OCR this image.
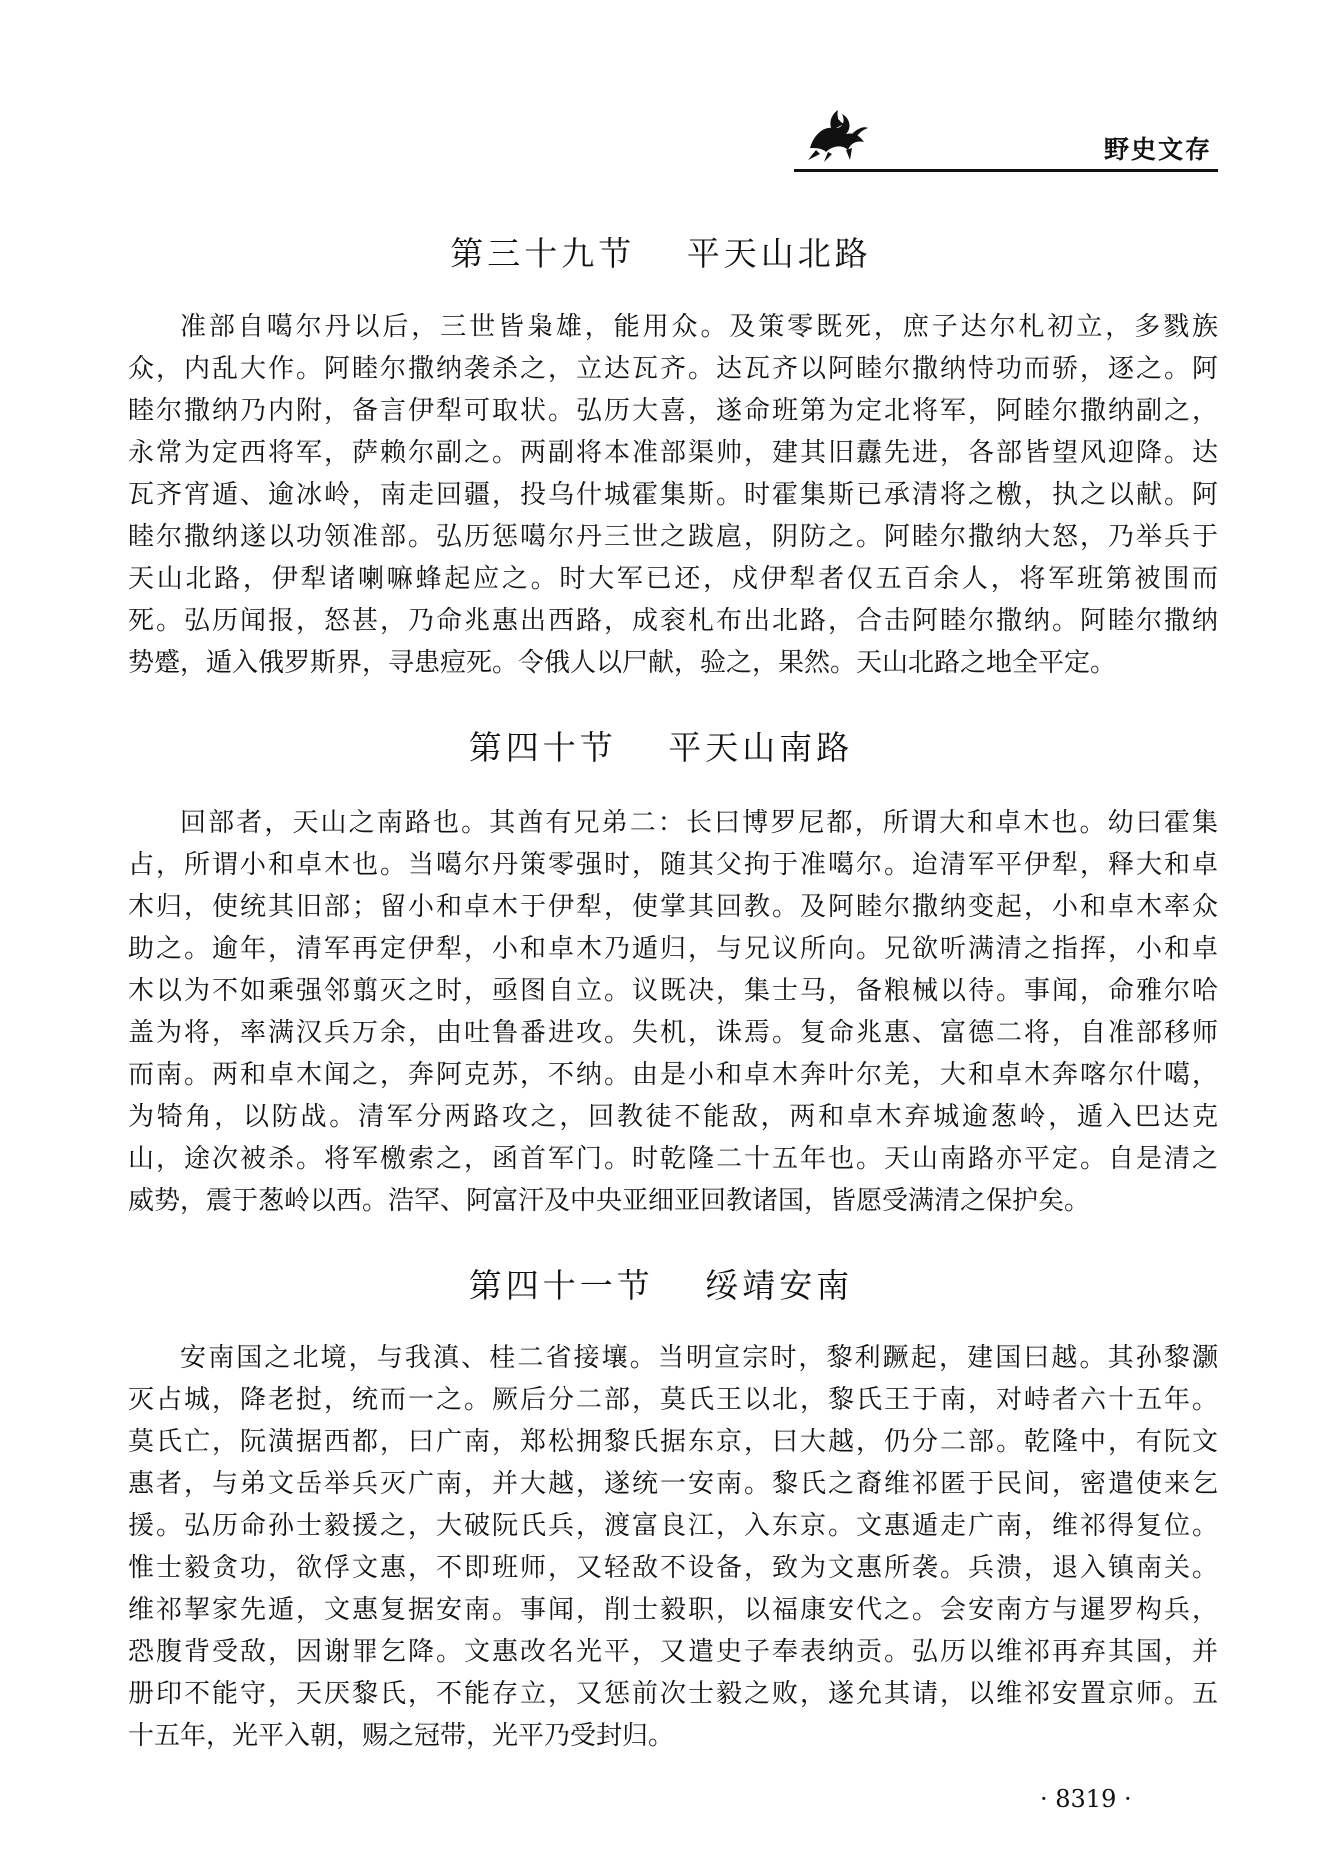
野史文存
第三十九节　 平天山北路
准部自噶尔丹以后，三世皆枭雄，能用众。及策零既死，庶子达尔札初立，多戮族
众，内乱大作。阿睦尔撒纳袭杀之，立达瓦齐。达瓦齐以阿睦尔撒纳恃功而骄，逐之。阿
睦尔撒纳乃内附，备言伊犁可取状。弘历大喜，遂命班第为定北将军，阿睦尔撒纳副之，
永常为定西将军，萨赖尔副之。两副将本准部渠帅，建其旧纛先进，各部皆望风迎降。达
瓦齐宵遁、逾冰岭，南走回疆，投乌什城霍集斯。时霍集斯已承清将之檄，执之以献。阿
睦尔撒纳遂以功领准部。弘历惩噶尔丹三世之跋扈，阴防之。阿睦尔撒纳大怒，乃举兵于
天山北路，伊犁诸喇嘛蜂起应之。时大军已还，戍伊犁者仅五百余人，将军班第被围而
死。弘历闻报，怒甚，乃命兆惠出西路，成衮札布出北路，合击阿睦尔撒纳。阿睦尔撒纳
势蹙，遁入俄罗斯界，寻患痘死。令俄人以尸献，验之，果然。天山北路之地全平定。
第四十节　 平天山南路
回部者，天山之南路也。其酋有兄弟二：长曰博罗尼都，所谓大和卓木也。幼曰霍集
占，所谓小和卓木也。当噶尔丹策零强时，随其父拘于准噶尔。迨清军平伊犁，释大和卓
木归，使统其旧部；留小和卓木于伊犁，使掌其回教。及阿睦尔撒纳变起，小和卓木率众
助之。逾年，清军再定伊犁，小和卓木乃遁归，与兄议所向。兄欲听满清之指挥，小和卓
木以为不如乘强邻翦灭之时，亟图自立。议既决，集士马，备粮械以待。事闻，命雅尔哈
盖为将，率满汉兵万余，由吐鲁番进攻。失机，诛焉。复命兆惠、富德二将，自准部移师
而南。两和卓木闻之，奔阿克苏，不纳。由是小和卓木奔叶尔羌，大和卓木奔喀尔什噶，
为犄角，以防战。清军分两路攻之，回教徒不能敌，两和卓木弃城逾葱岭，遁入巴达克
山，途次被杀。将军檄索之，函首军门。时乾隆二十五年也。天山南路亦平定。自是清之
威势，震于葱岭以西。浩罕、阿富汗及中央亚细亚回教诸国，皆愿受满清之保护矣。
第四十一节　 绥靖安南
安南国之北境，与我滇、桂二省接壤。当明宣宗时，黎利蹶起，建国曰越。其孙黎灏
灭占城，降老挝，统而一之。厥后分二部，莫氏王以北，黎氏王于南，对峙者六十五年。
莫氏亡，阮潢据西都，曰广南，郑松拥黎氏据东京，曰大越，仍分二部。乾隆中，有阮文
惠者，与弟文岳举兵灭广南，并大越，遂统一安南。黎氏之裔维祁匿于民间，密遣使来乞
援。弘历命孙士毅援之，大破阮氏兵，渡富良江，入东京。文惠遁走广南，维祁得复位。
惟士毅贪功，欲俘文惠，不即班师，又轻敌不设备，致为文惠所袭。兵溃，退入镇南关。
维祁挈家先遁，文惠复据安南。事闻，削士毅职，以福康安代之。会安南方与暹罗构兵，
恐腹背受敌，因谢罪乞降。文惠改名光平，又遣史子奉表纳贡。弘历以维祁再弃其国，并
册印不能守，天厌黎氏，不能存立，又惩前次士毅之败，遂允其请，以维祁安置京师。五
十五年，光平入朝，赐之冠带，光平乃受封归。
· 8319 ·
